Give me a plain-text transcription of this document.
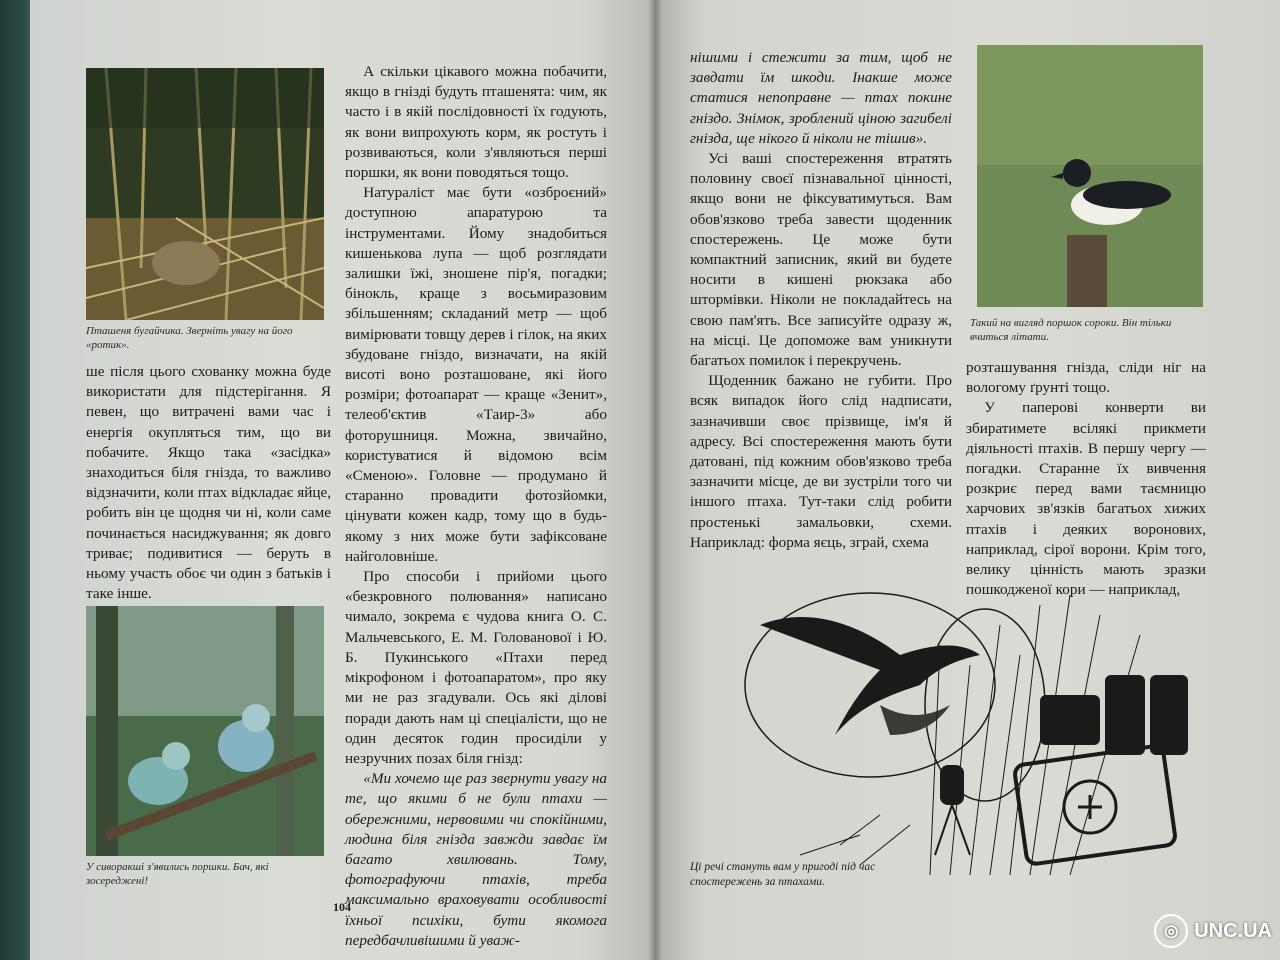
Пташеня бугайчика. Зверніть увагу на його «ротик».

ше після цього схованку можна буде використати для підстерігання. Я певен, що витрачені вами час і енергія окупляться тим, що ви побачите. Якщо така «засідка» знаходиться біля гнізда, то важливо відзначити, коли птах відкладає яйце, робить він це щодня чи ні, коли саме починається насиджування; як довго триває; подивитися — беруть в ньому участь обоє чи один з батьків і таке інше.

У сиворакші з'явились поршки. Бач, які зосереджені!

А скільки цікавого можна побачити, якщо в гнізді будуть пташенята: чим, як часто і в якій послідовності їх годують, як вони випрохують корм, як ростуть і розвиваються, коли з'являються перші поршки, як вони поводяться тощо.

Натураліст має бути «озброєний» доступною апаратурою та інструментами. Йому знадобиться кишенькова лупа — щоб розглядати залишки їжі, зношене пір'я, погадки; бінокль, краще з восьмиразовим збільшенням; складаний метр — щоб вимірювати товщу дерев і гілок, на яких збудоване гніздо, визначати, на якій висоті воно розташоване, які його розміри; фотоапарат — краще «Зенит», телеоб'єктив «Таир-3» або фоторушниця. Можна, звичайно, користуватися й відомою всім «Сменою». Головне — продумано й старанно провадити фотозйомки, цінувати кожен кадр, тому що в будь-якому з них може бути зафіксоване найголовніше.

Про способи і прийоми цього «безкровного полювання» написано чимало, зокрема є чудова книга О. С. Мальчевського, Е. М. Голованової і Ю. Б. Пукинського «Птахи перед мікрофоном і фотоапаратом», про яку ми не раз згадували. Ось які ділові поради дають нам ці спеціалісти, що не один десяток годин просиділи у незручних позах біля гнізд:

«Ми хочемо ще раз звернути увагу на те, що якими б не були птахи — обережними, нервовими чи спокійними, людина біля гнізда завжди завдає їм багато хвилювань. Тому, фотографуючи птахів, треба максимально враховувати особливості їхньої психіки, бути якомога передбачливішими й уваж-

104

нішими і стежити за тим, щоб не завдати їм шкоди. Інакше може статися непоправне — птах покине гніздо. Знімок, зроблений ціною загибелі гнізда, ще нікого й ніколи не тішив».

Усі ваші спостереження втратять половину своєї пізнавальної цінності, якщо вони не фіксуватимуться. Вам обов'язково треба завести щоденник спостережень. Це може бути компактний записник, який ви будете носити в кишені рюкзака або штормівки. Ніколи не покладайтесь на свою пам'ять. Все записуйте одразу ж, на місці. Це допоможе вам уникнути багатьох помилок і перекручень.

Щоденник бажано не губити. Про всяк випадок його слід надписати, зазначивши своє прізвище, ім'я й адресу. Всі спостереження мають бути датовані, під кожним обов'язково треба зазначити місце, де ви зустріли того чи іншого птаха. Тут-таки слід робити простенькі замальовки, схеми. Наприклад: форма яєць, зграй, схема

Такий на вигляд поршок сороки. Він тільки вчиться літати.

розташування гнізда, сліди ніг на вологому ґрунті тощо.

У паперові конверти ви збиратимете всілякі прикмети діяльності птахів. В першу чергу — погадки. Старанне їх вивчення розкриє перед вами таємницю харчових зв'язків багатьох хижих птахів і деяких воронових, наприклад, сірої ворони. Крім того, велику цінність мають зразки пошкодженої кори — наприклад,

Ці речі стануть вам у пригоді під час спостережень за птахами.
◎ UNC.UA
